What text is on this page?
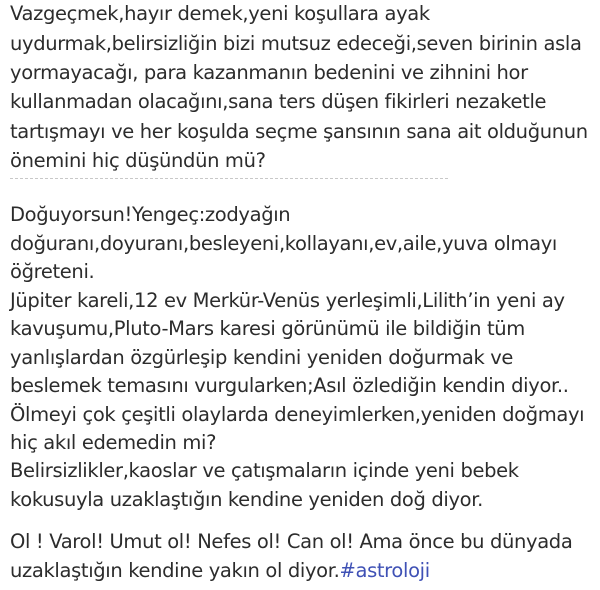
Vazgeçmek,hayır demek,yeni koşullara ayak
uydurmak,belirsizliğin bizi mutsuz edeceği,seven birinin asla
yormayacağı, para kazanmanın bedenini ve zihnini hor
kullanmadan olacağını,sana ters düşen fikirleri nezaketle
tartışmayı ve her koşulda seçme şansının sana ait olduğunun
önemini hiç düşündün mü?
Doğuyorsun!Yengeç:zodyağın
doğuranı,doyuranı,besleyeni,kollayanı,ev,aile,yuva olmayı
öğreteni.
Jüpiter kareli,12 ev Merkür-Venüs yerleşimli,Lilith’in yeni ay
kavuşumu,Pluto-Mars karesi görünümü ile bildiğin tüm
yanlışlardan özgürleşip kendini yeniden doğurmak ve
beslemek temasını vurgularken;Asıl özlediğin kendin diyor..
Ölmeyi çok çeşitli olaylarda deneyimlerken,yeniden doğmayı
hiç akıl edemedin mi?
Belirsizlikler,kaoslar ve çatışmaların içinde yeni bebek
kokusuyla uzaklaştığın kendine yeniden doğ diyor.
Ol ! Varol! Umut ol! Nefes ol! Can ol! Ama önce bu dünyada
uzaklaştığın kendine yakın ol diyor.#astroloji
